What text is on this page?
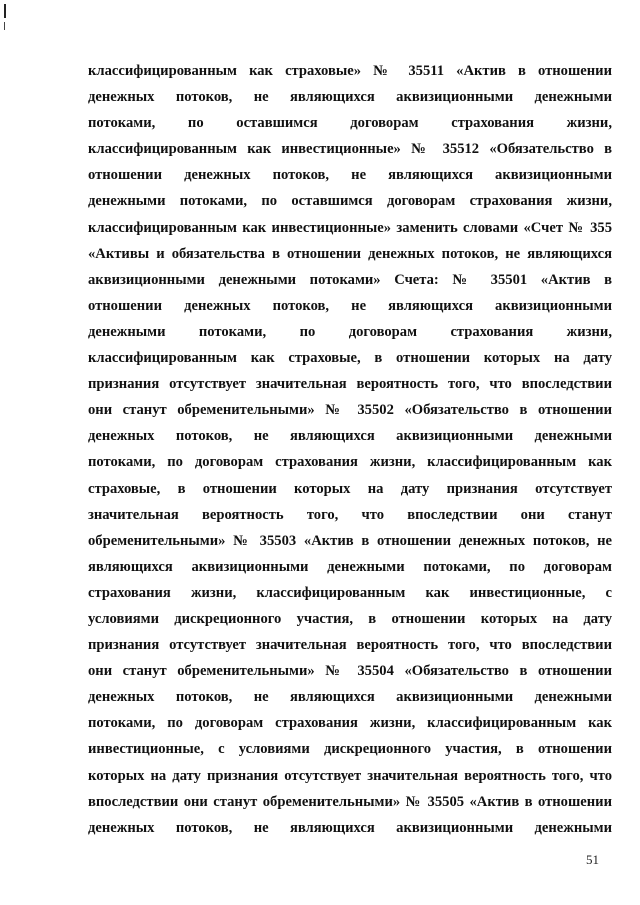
классифицированным как страховые» № 35511 «Актив в отношении
денежных потоков, не являющихся аквизиционными денежными
потоками, по оставшимся договорам страхования жизни,
классифицированным как инвестиционные» № 35512 «Обязательство в
отношении денежных потоков, не являющихся аквизиционными
денежными потоками, по оставшимся договорам страхования жизни,
классифицированным как инвестиционные» заменить словами «Счет № 355
«Активы и обязательства в отношении денежных потоков, не являющихся
аквизиционными денежными потоками» Счета: № 35501 «Актив в
отношении денежных потоков, не являющихся аквизиционными
денежными потоками, по договорам страхования жизни,
классифицированным как страховые, в отношении которых на дату
признания отсутствует значительная вероятность того, что впоследствии
они станут обременительными» № 35502 «Обязательство в отношении
денежных потоков, не являющихся аквизиционными денежными
потоками, по договорам страхования жизни, классифицированным как
страховые, в отношении которых на дату признания отсутствует
значительная вероятность того, что впоследствии они станут
обременительными» № 35503 «Актив в отношении денежных потоков, не
являющихся аквизиционными денежными потоками, по договорам
страхования жизни, классифицированным как инвестиционные, с
условиями дискреционного участия, в отношении которых на дату
признания отсутствует значительная вероятность того, что впоследствии
они станут обременительными» № 35504 «Обязательство в отношении
денежных потоков, не являющихся аквизиционными денежными
потоками, по договорам страхования жизни, классифицированным как
инвестиционные, с условиями дискреционного участия, в отношении
которых на дату признания отсутствует значительная вероятность того, что
впоследствии они станут обременительными» № 35505 «Актив в отношении
денежных потоков, не являющихся аквизиционными денежными
51
